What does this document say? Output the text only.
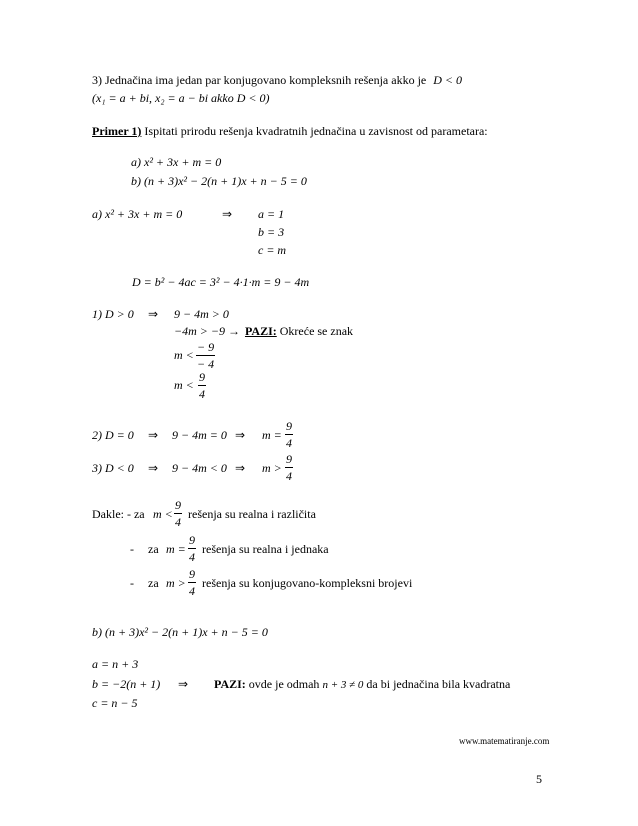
3) Jednačina ima jedan par konjugovano kompleksnih rešenja akko je D < 0
(x₁ = a + bi, x₂ = a − bi akko D < 0)
Primer 1) Ispitati prirodu rešenja kvadratnih jednačina u zavisnost od parametara:
a) x² + 3x + m = 0
b) (n + 3)x² − 2(n + 1)x + n − 5 = 0
a) x² + 3x + m = 0	⇒ a = 1
b = 3
c = m
D = b² − 4ac = 3² − 4·1·m = 9 − 4m
1) D > 0 ⇒ 9 − 4m > 0
−4m > −9 → PAZI: Okreće se znak
$m < \frac{- 9}{- 4}$
$m < \frac{9}{4}$
2) D = 0 ⇒ 9 − 4m = 0 ⇒ $m = \frac{9}{4}$
3) D < 0 ⇒ 9 − 4m < 0 ⇒ $m > \frac{9}{4}$
Dakle: - za $m < \frac{9}{4}$ rešenja su realna i različita
- za $m = \frac{9}{4}$ rešenja su realna i jednaka
- za $m > \frac{9}{4}$ rešenja su konjugovano-kompleksni brojevi
b) (n + 3)x² − 2(n + 1)x + n − 5 = 0
a = n + 3
b = −2(n + 1) ⇒ PAZI: ovde je odmah n + 3 ≠ 0 da bi jednačina bila kvadratna
c = n − 5
www.matematiranje.com
5
